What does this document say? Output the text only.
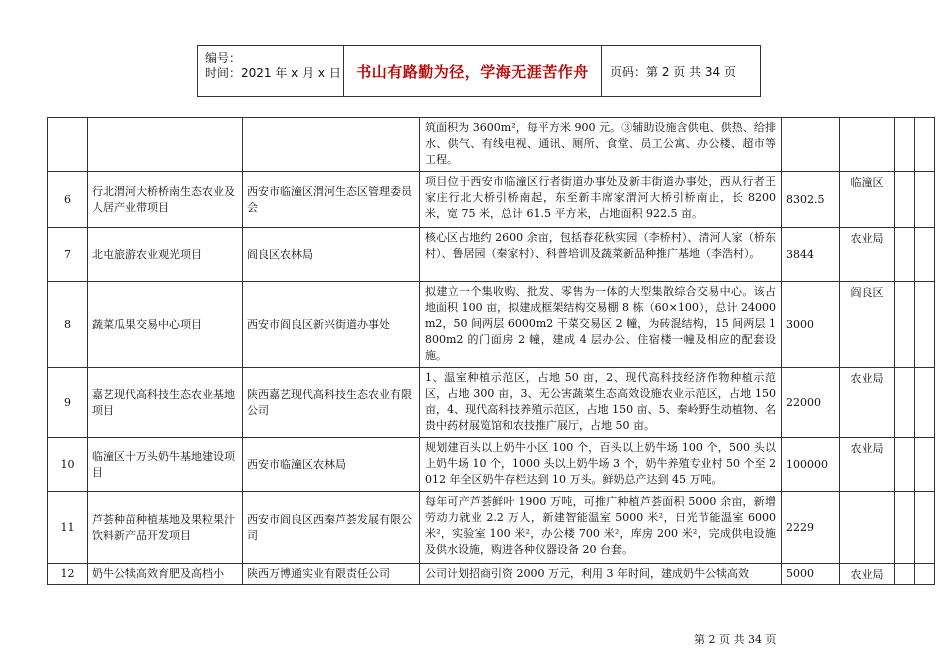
编号：
时间：2021 年 x 月 x 日	书山有路勤为径，学海无涯苦作舟	页码：第 2 页 共 34 页
			筑面积为 3600m²，每平方米 900 元。③辅助设施含供电、供热、给排水、供气、有线电视、通讯、厕所、食堂、员工公寓、办公楼、超市等工程。				
6	行北渭河大桥桥南生态农业及人居产业带项目	西安市临潼区渭河生态区管理委员会	项目位于西安市临潼区行者街道办事处及新丰街道办事处，西从行者王家庄行北大桥引桥南起，东至新丰席家渭河大桥引桥南止，长 8200 米，宽 75 米，总计 61.5 平方米，占地面积 922.5 亩。	8302.5	临潼区		
7	北屯旅游农业观光项目	阎良区农林局	核心区占地约 2600 余亩，包括春花秋实园（李桥村）、清河人家（桥东村）、鲁居园（秦家村）、科普培训及蔬菜新品种推广基地（李浩村）。	3844	农业局		
8	蔬菜瓜果交易中心项目	西安市阎良区新兴街道办事处	拟建立一个集收购、批发、零售为一体的大型集散综合交易中心。该占地面积 100 亩，拟建成框架结构交易棚 8 栋（60×100），总计 24000m2，50 间两层 6000m2 干菜交易区 2 幢，为砖混结构，15 间两层 1800m2 的门面房 2 幢，建成 4 层办公、住宿楼一幢及相应的配套设施。	3000	阎良区		
9	嘉艺现代高科技生态农业基地项目	陕西嘉艺现代高科技生态农业有限公司	1、温室种植示范区，占地 50 亩，2、现代高科技经济作物种植示范区，占地 300 亩，3、无公害蔬菜生态高效设施农业示范区，占地 150 亩，4、现代高科技养殖示范区，占地 150 亩、5、秦岭野生动植物、名贵中药材展览馆和农技推广展厅，占地 50 亩。	22000	农业局		
10	临潼区十万头奶牛基地建设项目	西安市临潼区农林局	规划建百头以上奶牛小区 100 个，百头以上奶牛场 100 个，500 头以上奶牛场 10 个，1000 头以上奶牛场 3 个，奶牛养殖专业村 50 个至 2012 年全区奶牛存栏达到 10 万头。鲜奶总产达到 45 万吨。	100000	农业局		
11	芦荟种苗种植基地及果粒果汁饮料新产品开发项目	西安市阎良区西秦芦荟发展有限公司	每年可产芦荟鲜叶 1900 万吨，可推广种植芦荟面积 5000 余亩，新增劳动力就业 2.2 万人，新建智能温室 5000 米²，日光节能温室 6000 米²，实验室 100 米²，办公楼 700 米²，库房 200 米²，完成供电设施及供水设施，购进各种仪器设备 20 台套。	2229			
12	奶牛公犊高效育肥及高档小	陕西万博通实业有限责任公司	公司计划招商引资 2000 万元，利用 3 年时间，建成奶牛公犊高效	5000	农业局		
第 2 页 共 34 页
